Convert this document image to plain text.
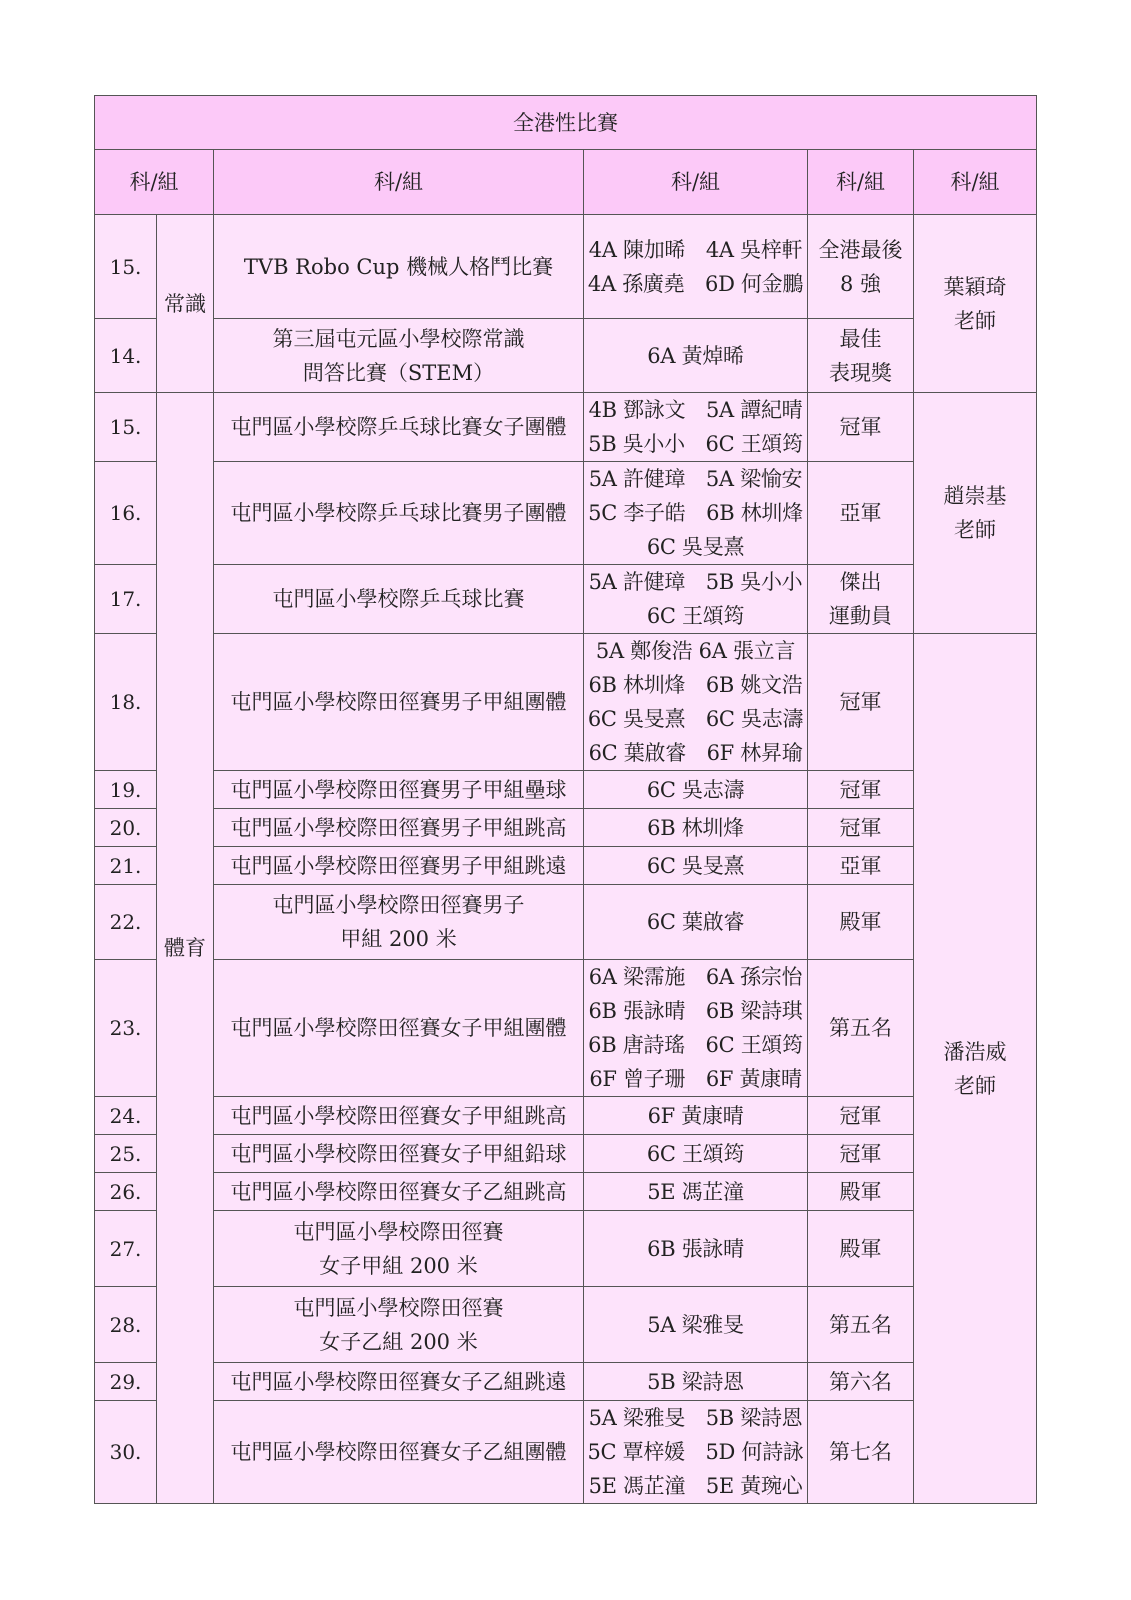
全港性比賽					
科/組		科/組	科/組	科/組	科/組
15.	常識	TVB Robo Cup 機械人格鬥比賽	4A 陳加晞　4A 吳梓軒
4A 孫廣堯　6D 何金鵬	全港最後
8 強	葉穎琦
老師

14.		第三屆屯元區小學校際常識
問答比賽（STEM）	6A 黃焯晞	最佳
表現獎	

15.	體育	屯門區小學校際乒乓球比賽女子團體	4B 鄧詠文　5A 譚紀晴
5B 吳小小　6C 王頌筠	冠軍	趙崇基
老師

16.		屯門區小學校際乒乓球比賽男子團體	5A 許健璋　5A 梁愉安
5C 李子皓　6B 林圳烽
6C 吳旻熹	亞軍	

17.		屯門區小學校際乒乓球比賽	5A 許健璋　5B 吳小小
6C 王頌筠	傑出
運動員	

18.		屯門區小學校際田徑賽男子甲組團體	5A 鄭俊浩 6A 張立言
6B 林圳烽　6B 姚文浩
6C 吳旻熹　6C 吳志濤
6C 葉啟睿　6F 林昇瑜	冠軍	潘浩威
老師

19.		屯門區小學校際田徑賽男子甲組壘球	6C 吳志濤	冠軍	

20.		屯門區小學校際田徑賽男子甲組跳高	6B 林圳烽	冠軍	

21.		屯門區小學校際田徑賽男子甲組跳遠	6C 吳旻熹	亞軍	

22.		屯門區小學校際田徑賽男子
甲組 200 米	6C 葉啟睿	殿軍	

23.		屯門區小學校際田徑賽女子甲組團體	6A 梁霈施　6A 孫宗怡
6B 張詠晴　6B 梁詩琪
6B 唐詩瑤　6C 王頌筠
6F 曾子珊　6F 黃康晴	第五名	

24.		屯門區小學校際田徑賽女子甲組跳高	6F 黃康晴	冠軍	

25.		屯門區小學校際田徑賽女子甲組鉛球	6C 王頌筠	冠軍	

26.		屯門區小學校際田徑賽女子乙組跳高	5E 馮芷潼	殿軍	

27.		屯門區小學校際田徑賽
女子甲組 200 米	6B 張詠晴	殿軍	

28.		屯門區小學校際田徑賽
女子乙組 200 米	5A 梁雅旻	第五名	

29.		屯門區小學校際田徑賽女子乙組跳遠	5B 梁詩恩	第六名	

30.		屯門區小學校際田徑賽女子乙組團體	5A 梁雅旻　5B 梁詩恩
5C 覃梓媛　5D 何詩詠
5E 馮芷潼　5E 黃琬心	第七名	
